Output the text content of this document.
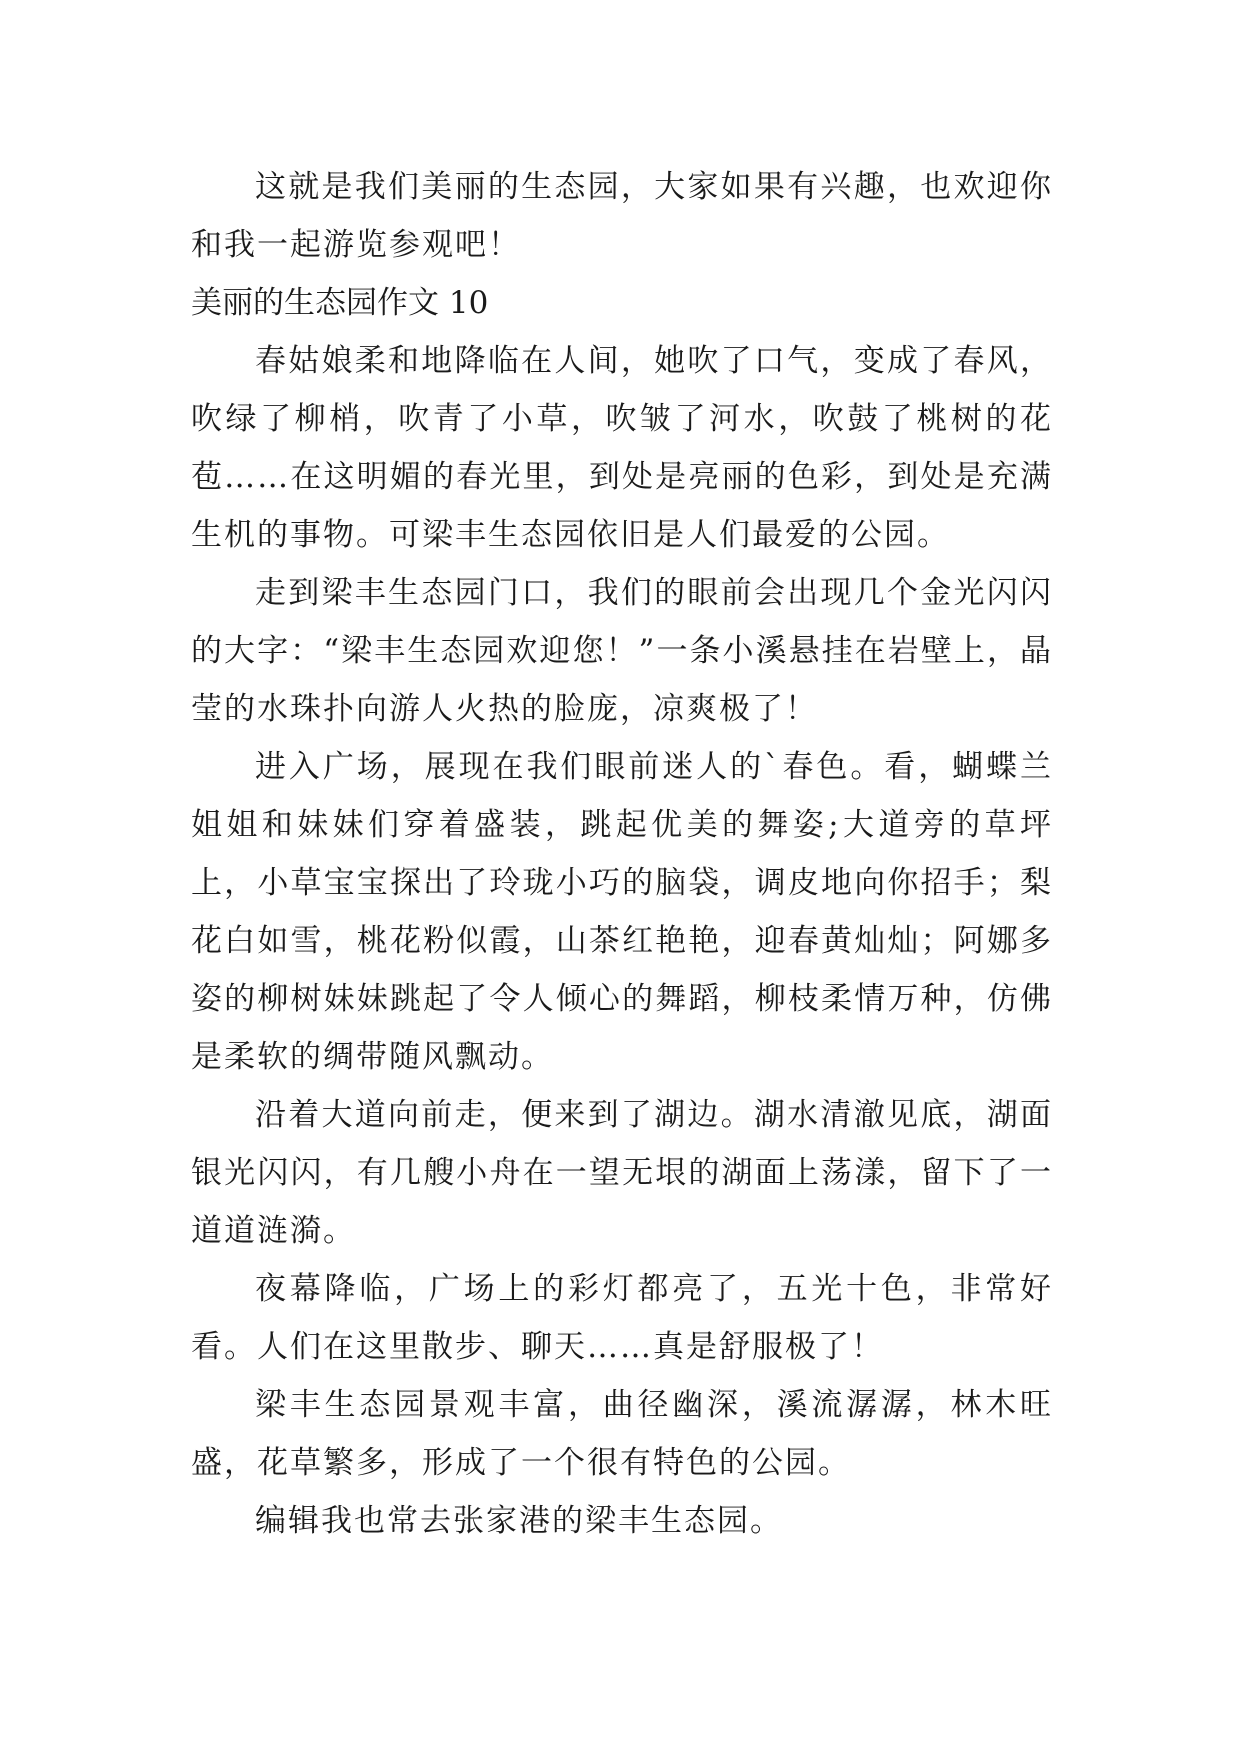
这就是我们美丽的生态园，大家如果有兴趣，也欢迎你和我一起游览参观吧！

美丽的生态园作文 10

春姑娘柔和地降临在人间，她吹了口气，变成了春风，吹绿了柳梢，吹青了小草，吹皱了河水，吹鼓了桃树的花苞……在这明媚的春光里，到处是亮丽的色彩，到处是充满生机的事物。可梁丰生态园依旧是人们最爱的公园。

走到梁丰生态园门口，我们的眼前会出现几个金光闪闪的大字：“梁丰生态园欢迎您！”一条小溪悬挂在岩壁上，晶莹的水珠扑向游人火热的脸庞，凉爽极了！

进入广场，展现在我们眼前迷人的`春色。看，蝴蝶兰姐姐和妹妹们穿着盛装，跳起优美的舞姿;大道旁的草坪上，小草宝宝探出了玲珑小巧的脑袋，调皮地向你招手；梨花白如雪，桃花粉似霞，山茶红艳艳，迎春黄灿灿；阿娜多姿的柳树妹妹跳起了令人倾心的舞蹈，柳枝柔情万种，仿佛是柔软的绸带随风飘动。

沿着大道向前走，便来到了湖边。湖水清澈见底，湖面银光闪闪，有几艘小舟在一望无垠的湖面上荡漾，留下了一道道涟漪。

夜幕降临，广场上的彩灯都亮了，五光十色，非常好看。人们在这里散步、聊天……真是舒服极了！

梁丰生态园景观丰富，曲径幽深，溪流潺潺，林木旺盛，花草繁多，形成了一个很有特色的公园。

编辑我也常去张家港的梁丰生态园。
